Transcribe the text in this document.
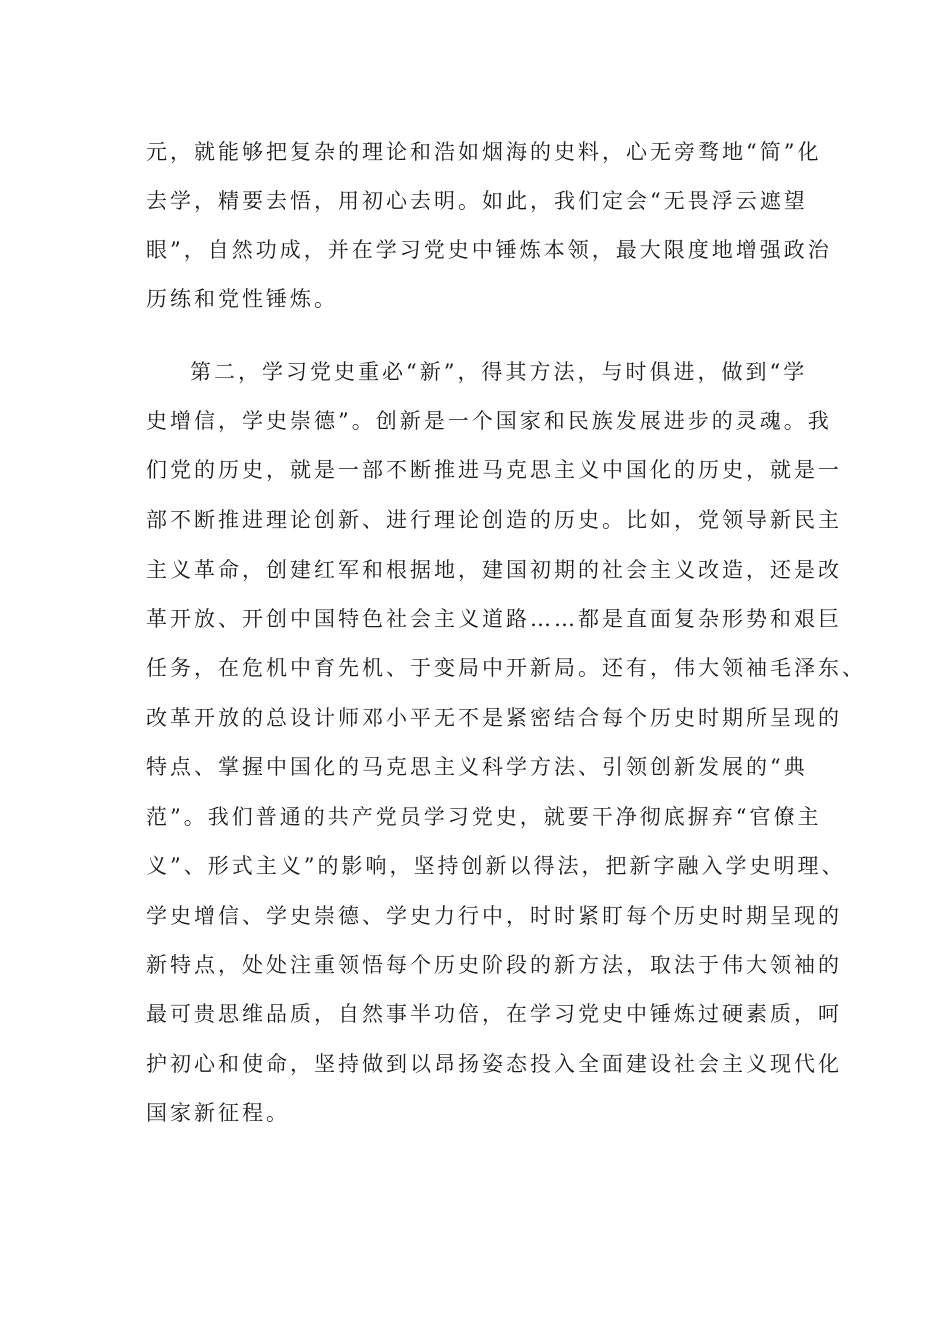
元，就能够把复杂的理论和浩如烟海的史料，心无旁骛地“简”化
去学，精要去悟，用初心去明。如此，我们定会“无畏浮云遮望
眼”，自然功成，并在学习党史中锤炼本领，最大限度地增强政治
历练和党性锤炼。
第二，学习党史重必“新”，得其方法，与时俱进，做到“学
史增信，学史崇德”。创新是一个国家和民族发展进步的灵魂。我
们党的历史，就是一部不断推进马克思主义中国化的历史，就是一
部不断推进理论创新、进行理论创造的历史。比如，党领导新民主
主义革命，创建红军和根据地，建国初期的社会主义改造，还是改
革开放、开创中国特色社会主义道路……都是直面复杂形势和艰巨
任务，在危机中育先机、于变局中开新局。还有，伟大领袖毛泽东、
改革开放的总设计师邓小平无不是紧密结合每个历史时期所呈现的
特点、掌握中国化的马克思主义科学方法、引领创新发展的“典
范”。我们普通的共产党员学习党史，就要干净彻底摒弃“官僚主
义”、形式主义”的影响，坚持创新以得法，把新字融入学史明理、
学史增信、学史崇德、学史力行中，时时紧盯每个历史时期呈现的
新特点，处处注重领悟每个历史阶段的新方法，取法于伟大领袖的
最可贵思维品质，自然事半功倍，在学习党史中锤炼过硬素质，呵
护初心和使命，坚持做到以昂扬姿态投入全面建设社会主义现代化
国家新征程。
